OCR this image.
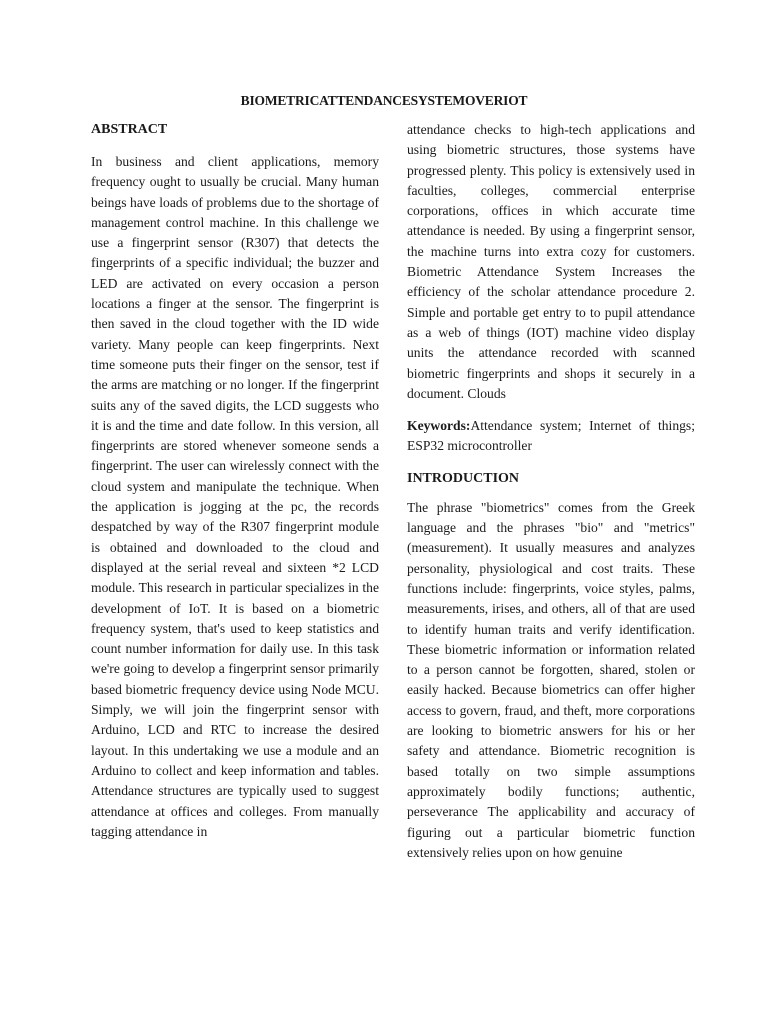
BIOMETRICATTENDANCESYSTEMOVERIOT
ABSTRACT

In business and client applications, memory frequency ought to usually be crucial. Many human beings have loads of problems due to the shortage of management control machine. In this challenge we use a fingerprint sensor (R307) that detects the fingerprints of a specific individual; the buzzer and LED are activated on every occasion a person locations a finger at the sensor. The fingerprint is then saved in the cloud together with the ID wide variety. Many people can keep fingerprints. Next time someone puts their finger on the sensor, test if the arms are matching or no longer. If the fingerprint suits any of the saved digits, the LCD suggests who it is and the time and date follow. In this version, all fingerprints are stored whenever someone sends a fingerprint. The user can wirelessly connect with the cloud system and manipulate the technique. When the application is jogging at the pc, the records despatched by way of the R307 fingerprint module is obtained and downloaded to the cloud and displayed at the serial reveal and sixteen *2 LCD module. This research in particular specializes in the development of IoT. It is based on a biometric frequency system, that's used to keep statistics and count number information for daily use. In this task we're going to develop a fingerprint sensor primarily based biometric frequency device using Node MCU. Simply, we will join the fingerprint sensor with Arduino, LCD and RTC to increase the desired layout. In this undertaking we use a module and an Arduino to collect and keep information and tables. Attendance structures are typically used to suggest attendance at offices and colleges. From manually tagging attendance in

attendance checks to high-tech applications and using biometric structures, those systems have progressed plenty. This policy is extensively used in faculties, colleges, commercial enterprise corporations, offices in which accurate time attendance is needed. By using a fingerprint sensor, the machine turns into extra cozy for customers. Biometric Attendance System Increases the efficiency of the scholar attendance procedure 2. Simple and portable get entry to to pupil attendance as a web of things (IOT) machine video display units the attendance recorded with scanned biometric fingerprints and shops it securely in a document. Clouds

Keywords:Attendance system; Internet of things; ESP32 microcontroller

INTRODUCTION

The phrase "biometrics" comes from the Greek language and the phrases "bio" and "metrics" (measurement). It usually measures and analyzes personality, physiological and cost traits. These functions include: fingerprints, voice styles, palms, measurements, irises, and others, all of that are used to identify human traits and verify identification. These biometric information or information related to a person cannot be forgotten, shared, stolen or easily hacked. Because biometrics can offer higher access to govern, fraud, and theft, more corporations are looking to biometric answers for his or her safety and attendance. Biometric recognition is based totally on two simple assumptions approximately bodily functions; authentic, perseverance The applicability and accuracy of figuring out a particular biometric function extensively relies upon on how genuine
